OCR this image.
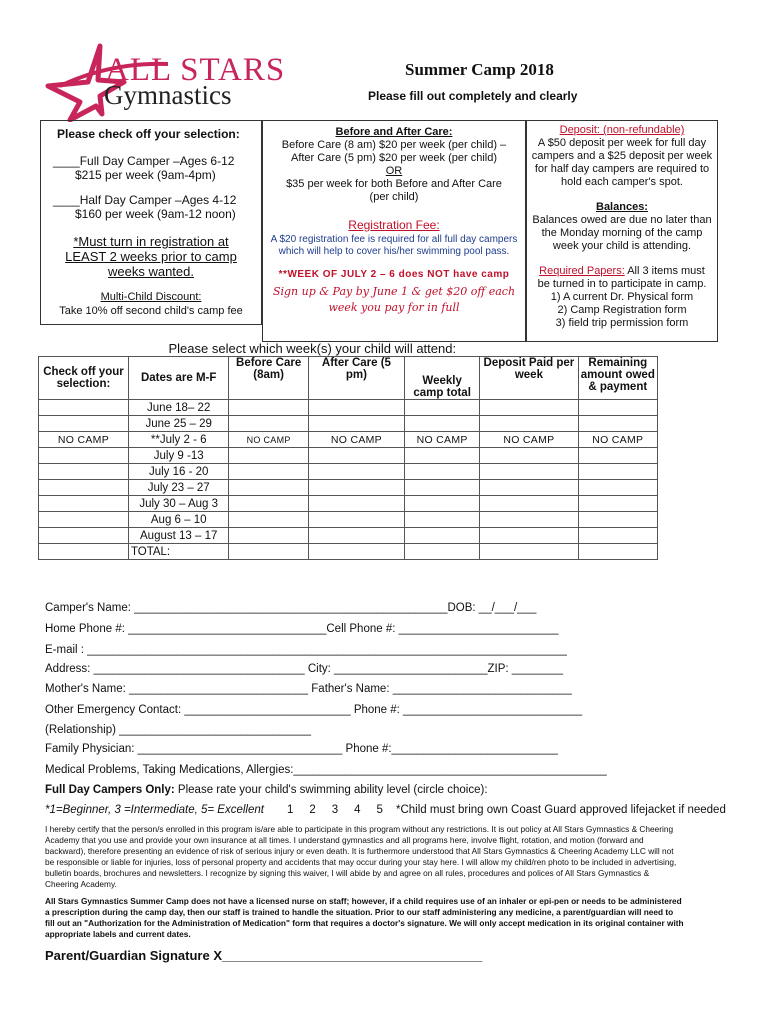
ALL STARS
Gymnastics
Summer Camp 2018
Please fill out completely and clearly
Please check off your selection:
____Full Day Camper –Ages 6-12
$215 per week (9am-4pm)
____Half Day Camper –Ages 4-12
$160 per week (9am-12 noon)
*Must turn in registration at
LEAST 2 weeks prior to camp
weeks wanted.
Multi-Child Discount:
Take 10% off second child's camp fee
Before and After Care:
Before Care (8 am) $20 per week (per child) –
After Care (5 pm) $20 per week (per child)
OR
$35 per week for both Before and After Care
(per child)
Registration Fee:
A $20 registration fee is required for all full day campers
which will help to cover his/her swimming pool pass.
**WEEK OF JULY 2 – 6 does NOT have camp
Sign up & Pay by June 1 & get $20 off each
week you pay for in full
Deposit: (non-refundable)
A $50 deposit per week for full day
campers and a $25 deposit per week
for half day campers are required to
hold each camper's spot.
Balances:
Balances owed are due no later than
the Monday morning of the camp
week your child is attending.
Required Papers: All 3 items must
be turned in to participate in camp.
1) A current Dr. Physical form
2) Camp Registration form
3) field trip permission form
Please select which week(s) your child will attend:						
Check off your selection:	Dates are M-F	Before Care (8am)	After Care (5 pm)	Weekly camp total	Deposit Paid per week	Remaining amount owed & payment

	June 18– 22					
	June 25 – 29					
NO CAMP	**July 2 - 6	NO CAMP	NO CAMP	NO CAMP	NO CAMP	NO CAMP
	July 9 -13					
	July 16 - 20					
	July 23 – 27					
	July 30 – Aug 3					
	Aug 6 – 10					
	August 13 – 17					
	TOTAL:					
Camper's Name: _________________________________________________DOB: __/___/___
Home Phone #: _______________________________Cell Phone #: _________________________
E-mail : ___________________________________________________________________________
Address: _________________________________ City: ________________________ZIP: ________
Mother's Name: ____________________________ Father's Name: ____________________________
Other Emergency Contact: __________________________ Phone #: ____________________________
(Relationship) ______________________________
Family Physician: ________________________________ Phone #:__________________________
Medical Problems, Taking Medications, Allergies:_________________________________________________
Full Day Campers Only: Please rate your child's swimming ability level (circle choice):
*1=Beginner, 3 =Intermediate, 5= Excellent 1     2     3     4     5 *Child must bring own Coast Guard approved lifejacket if needed
I hereby certify that the person/s enrolled in this program is/are able to participate in this program without any restrictions. It is out policy at All Stars Gymnastics & Cheering
Academy that you use and provide your own insurance at all times. I understand gymnastics and all programs here, involve flight, rotation, and motion (forward and
backward), therefore presenting an evidence of risk of serious injury or even death. It is furthermore understood that All Stars Gymnastics & Cheering Academy LLC will not
be responsible or liable for injuries, loss of personal property and accidents that may occur during your stay here. I will allow my child/ren photo to be included in advertising,
bulletin boards, brochures and newsletters. I recognize by signing this waiver, I will abide by and agree on all rules, procedures and polices of All Stars Gymnastics &
Cheering Academy.
All Stars Gymnastics Summer Camp does not have a licensed nurse on staff; however, if a child requires use of an inhaler or epi-pen or needs to be administered
a prescription during the camp day, then our staff is trained to handle the situation. Prior to our staff administering any medicine, a parent/guardian will need to
fill out an "Authorization for the Administration of Medication" form that requires a doctor's signature. We will only accept medication in its original container with
appropriate labels and current dates.
Parent/Guardian Signature X____________________________________
